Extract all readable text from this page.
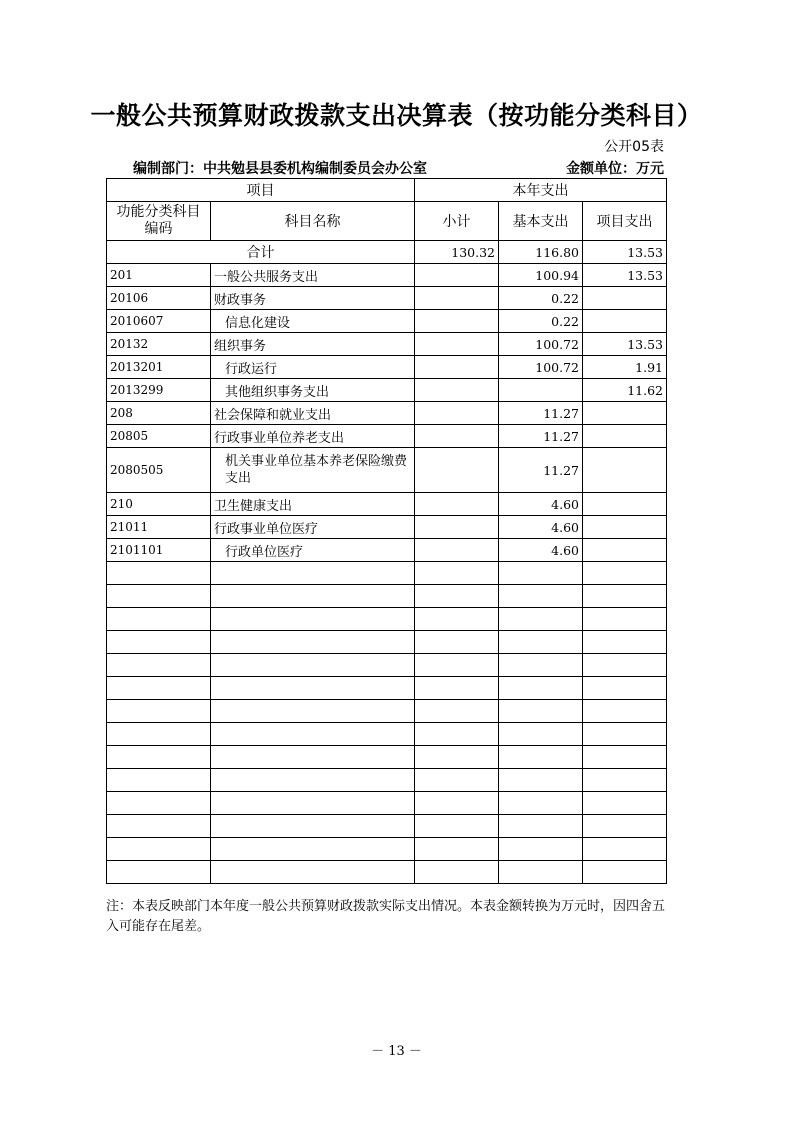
一般公共预算财政拨款支出决算表（按功能分类科目）
公开05表
编制部门：中共勉县县委机构编制委员会办公室	金额单位：万元
项目		本年支出		
功能分类科目编码	科目名称	小计	基本支出	项目支出
合计		130.32	116.80	13.53
201	一般公共服务支出		100.94	13.53
20106	财政事务		0.22	
2010607	信息化建设		0.22	
20132	组织事务		100.72	13.53
2013201	行政运行		100.72	1.91
2013299	其他组织事务支出			11.62
208	社会保障和就业支出		11.27	
20805	行政事业单位养老支出		11.27	
2080505	机关事业单位基本养老保险缴费支出		11.27	
210	卫生健康支出		4.60	
21011	行政事业单位医疗		4.60	
2101101	行政单位医疗		4.60	

注：本表反映部门本年度一般公共预算财政拨款实际支出情况。本表金额转换为万元时，因四舍五入可能存在尾差。
－ 13 －
